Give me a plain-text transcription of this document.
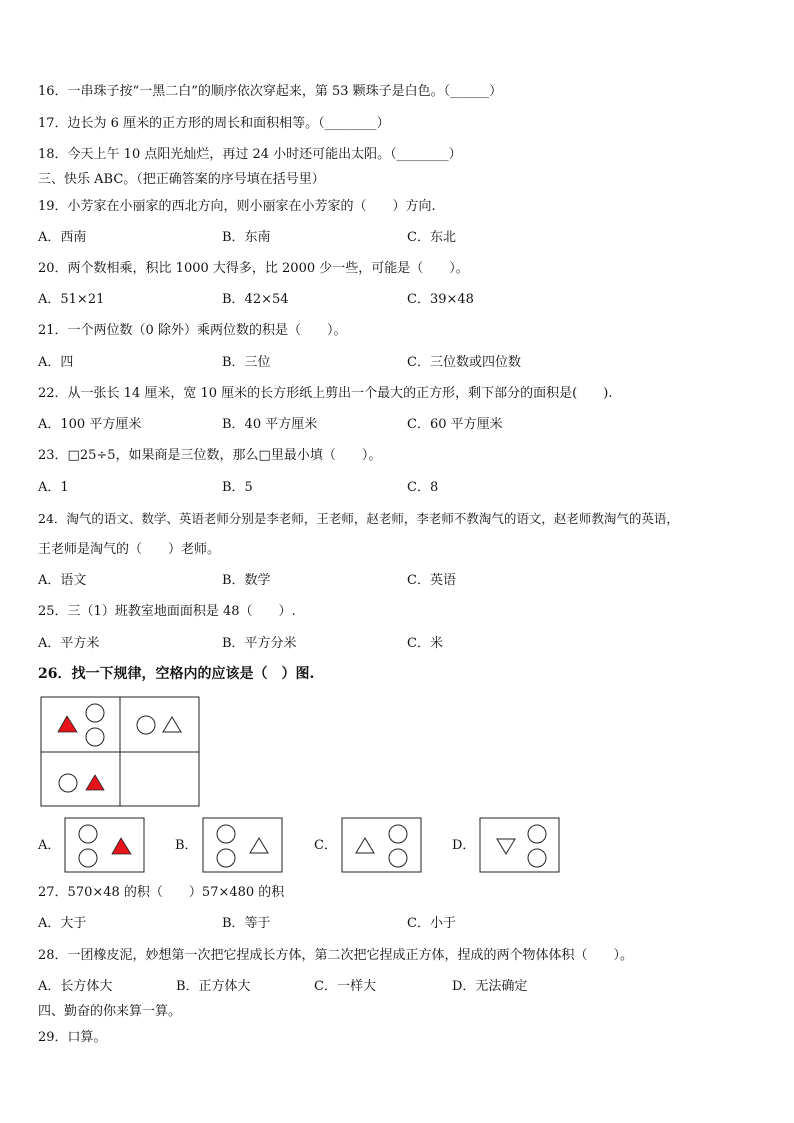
16．一串珠子按“一黑二白”的顺序依次穿起来，第 53 颗珠子是白色。（______）
17．边长为 6 厘米的正方形的周长和面积相等。（________）
18．今天上午 10 点阳光灿烂，再过 24 小时还可能出太阳。（________）
三、快乐 ABC。（把正确答案的序号填在括号里）
19．小芳家在小丽家的西北方向，则小丽家在小芳家的（　　）方向.
A．西南	B．东南	C．东北
20．两个数相乘，积比 1000 大得多，比 2000 少一些，可能是（　　）。
A．51×21	B．42×54	C．39×48
21．一个两位数（0 除外）乘两位数的积是（　　）。
A．四	B．三位	C．三位数或四位数
22．从一张长 14 厘米，宽 10 厘米的长方形纸上剪出一个最大的正方形，剩下部分的面积是(　　).
A．100 平方厘米	B．40 平方厘米	C．60 平方厘米
23．□25÷5，如果商是三位数，那么□里最小填（　　）。
A．1	B．5	C．8
24．淘气的语文、数学、英语老师分别是李老师，王老师，赵老师，李老师不教淘气的语文，赵老师教淘气的英语，
王老师是淘气的（　　）老师。
A．语文	B．数学	C．英语
25．三（1）班教室地面面积是 48（　　）.
A．平方米	B．平方分米	C．米
26．找一下规律，空格内的应该是（　）图.
A．	B．	C．	D．
27．570×48 的积（　　）57×480 的积
A．大于	B．等于	C．小于
28．一团橡皮泥，妙想第一次把它捏成长方体，第二次把它捏成正方体，捏成的两个物体体积（　　）。
A．长方体大	B．正方体大	C．一样大	D．无法确定
四、勤奋的你来算一算。
29．口算。
